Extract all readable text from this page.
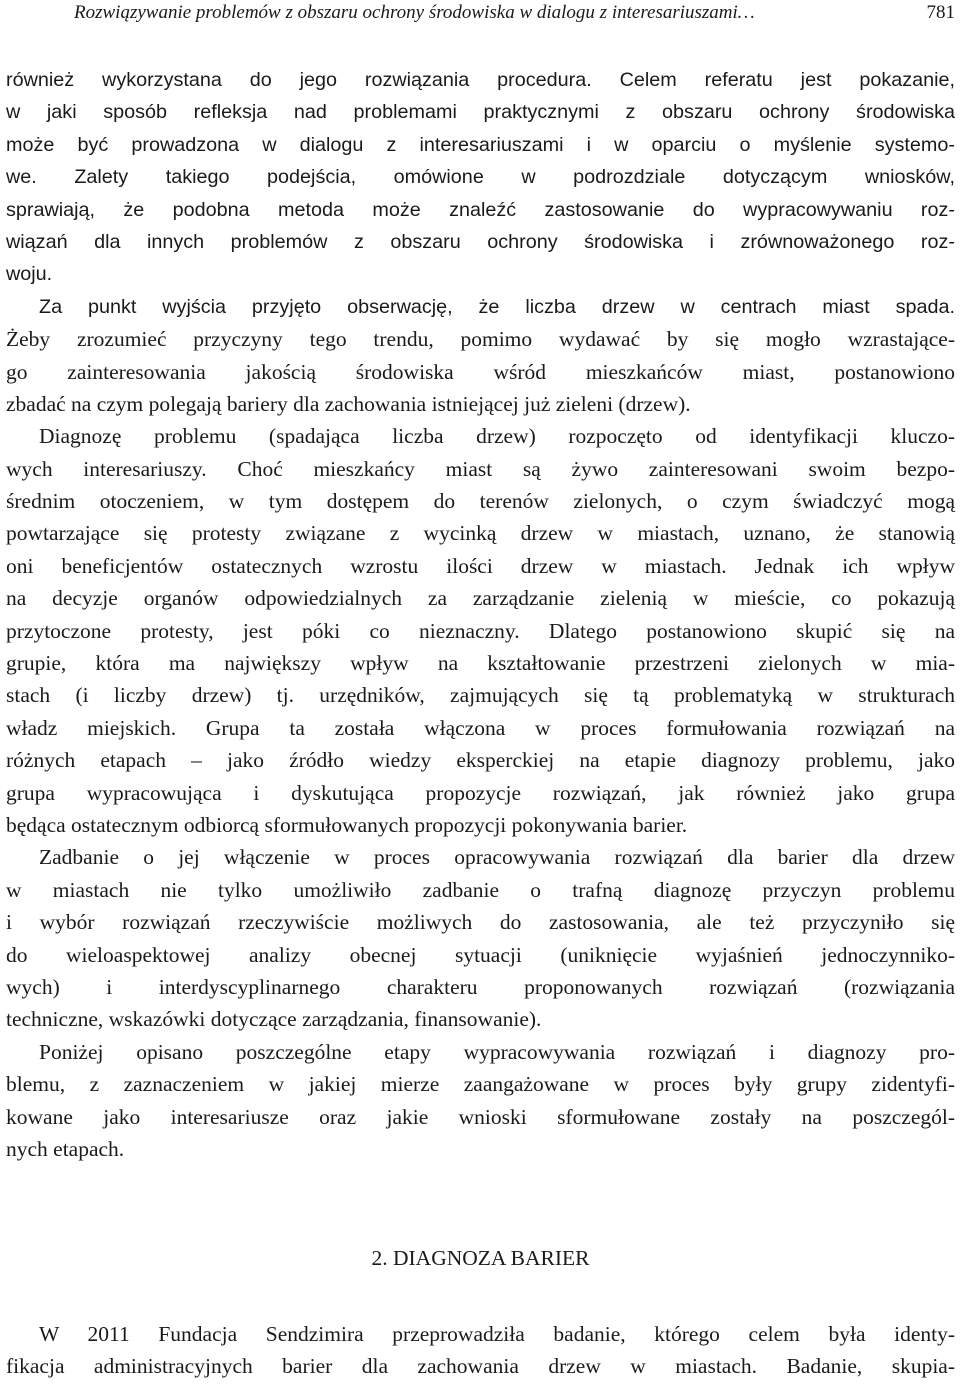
Rozwiązywanie problemów z obszaru ochrony środowiska w dialogu z interesariuszami…	781
również wykorzystana do jego rozwiązania procedura. Celem referatu jest pokazanie,
w jaki sposób refleksja nad problemami praktycznymi z obszaru ochrony środowiska
może być prowadzona w dialogu z interesariuszami i w oparciu o myślenie systemo-
we. Zalety takiego podejścia, omówione w podrozdziale dotyczącym wniosków,
sprawiają, że podobna metoda może znaleźć zastosowanie do wypracowywaniu roz-
wiązań dla innych problemów z obszaru ochrony środowiska i zrównoważonego roz-
woju.
Za punkt wyjścia przyjęto obserwację, że liczba drzew w centrach miast spada.
Żeby zrozumieć przyczyny tego trendu, pomimo wydawać by się mogło wzrastające-
go zainteresowania jakością środowiska wśród mieszkańców miast, postanowiono
zbadać na czym polegają bariery dla zachowania istniejącej już zieleni (drzew).
Diagnozę problemu (spadająca liczba drzew) rozpoczęto od identyfikacji kluczo-
wych interesariuszy. Choć mieszkańcy miast są żywo zainteresowani swoim bezpo-
średnim otoczeniem, w tym dostępem do terenów zielonych, o czym świadczyć mogą
powtarzające się protesty związane z wycinką drzew w miastach, uznano, że stanowią
oni beneficjentów ostatecznych wzrostu ilości drzew w miastach. Jednak ich wpływ
na decyzje organów odpowiedzialnych za zarządzanie zielenią w mieście, co pokazują
przytoczone protesty, jest póki co nieznaczny. Dlatego postanowiono skupić się na
grupie, która ma największy wpływ na kształtowanie przestrzeni zielonych w mia-
stach (i liczby drzew) tj. urzędników, zajmujących się tą problematyką w strukturach
władz miejskich. Grupa ta została włączona w proces formułowania rozwiązań na
różnych etapach – jako źródło wiedzy eksperckiej na etapie diagnozy problemu, jako
grupa wypracowująca i dyskutująca propozycje rozwiązań, jak również jako grupa
będąca ostatecznym odbiorcą sformułowanych propozycji pokonywania barier.
Zadbanie o jej włączenie w proces opracowywania rozwiązań dla barier dla drzew
w miastach nie tylko umożliwiło zadbanie o trafną diagnozę przyczyn problemu
i wybór rozwiązań rzeczywiście możliwych do zastosowania, ale też przyczyniło się
do wieloaspektowej analizy obecnej sytuacji (uniknięcie wyjaśnień jednoczynniko-
wych) i interdyscyplinarnego charakteru proponowanych rozwiązań (rozwiązania
techniczne, wskazówki dotyczące zarządzania, finansowanie).
Poniżej opisano poszczególne etapy wypracowywania rozwiązań i diagnozy pro-
blemu, z zaznaczeniem w jakiej mierze zaangażowane w proces były grupy zidentyfi-
kowane jako interesariusze oraz jakie wnioski sformułowane zostały na poszczegól-
nych etapach.
2. DIAGNOZA BARIER
W 2011 Fundacja Sendzimira przeprowadziła badanie, którego celem była identy-
fikacja administracyjnych barier dla zachowania drzew w miastach. Badanie, skupia-
